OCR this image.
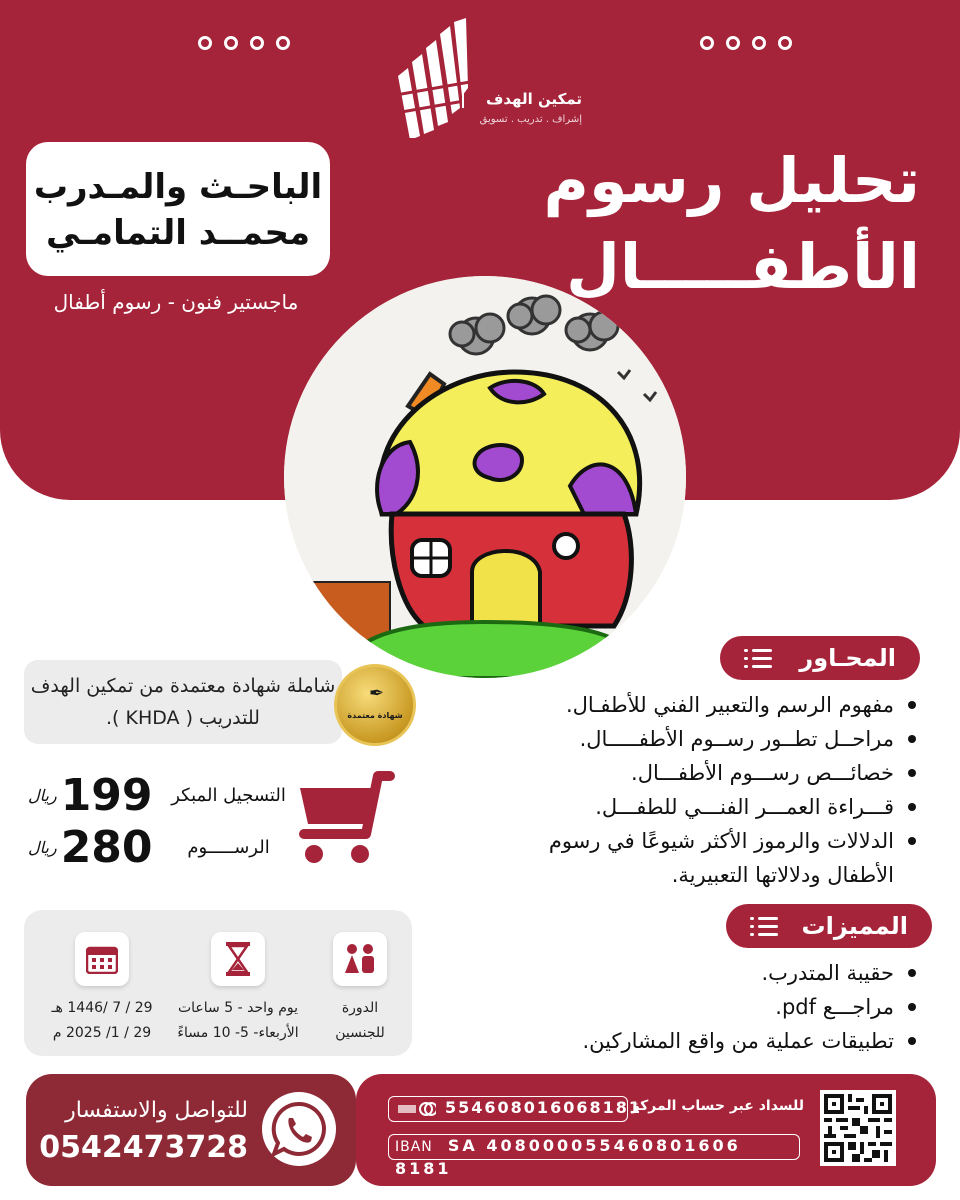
تمكين الهدف
إشراف . تدريب . تسويق
تحليل رسوم
الأطفـــــال
الباحـث والمـدرب
محمــد التمامـي
ماجستير فنون - رسوم أطفال
المحـاور
مفهوم الرسم والتعبير الفني للأطفـال.
مراحــل تطــور رســوم الأطفـــــال.
خصائـــص رســـوم الأطفـــال.
قـــراءة العمـــر الفنـــي للطفـــل.
الدلالات والرموز الأكثر شيوعًا في رسوم الأطفال ودلالاتها التعبيرية.
المميزات
حقيبة المتدرب.
مراجـــع pdf.
تطبيقات عملية من واقع المشاركين.
شاملة شهادة معتمدة من تمكين الهدف للتدريب ( KHDA ).
✒
شهادة معتمدة
التسجيل المبكر
199
ريال
الرســـــوم
280
ريال
الدورة
للجنسين
يوم واحد - 5 ساعات
الأربعاء- 5- 10 مساءً
29 / 7 /1446 هـ
29 / 1/ 2025 م
للتواصل والاستفسار
0542473728
للسداد عبر حساب المركز
554608016068181
IBAN SA 408000055460801606 8181
